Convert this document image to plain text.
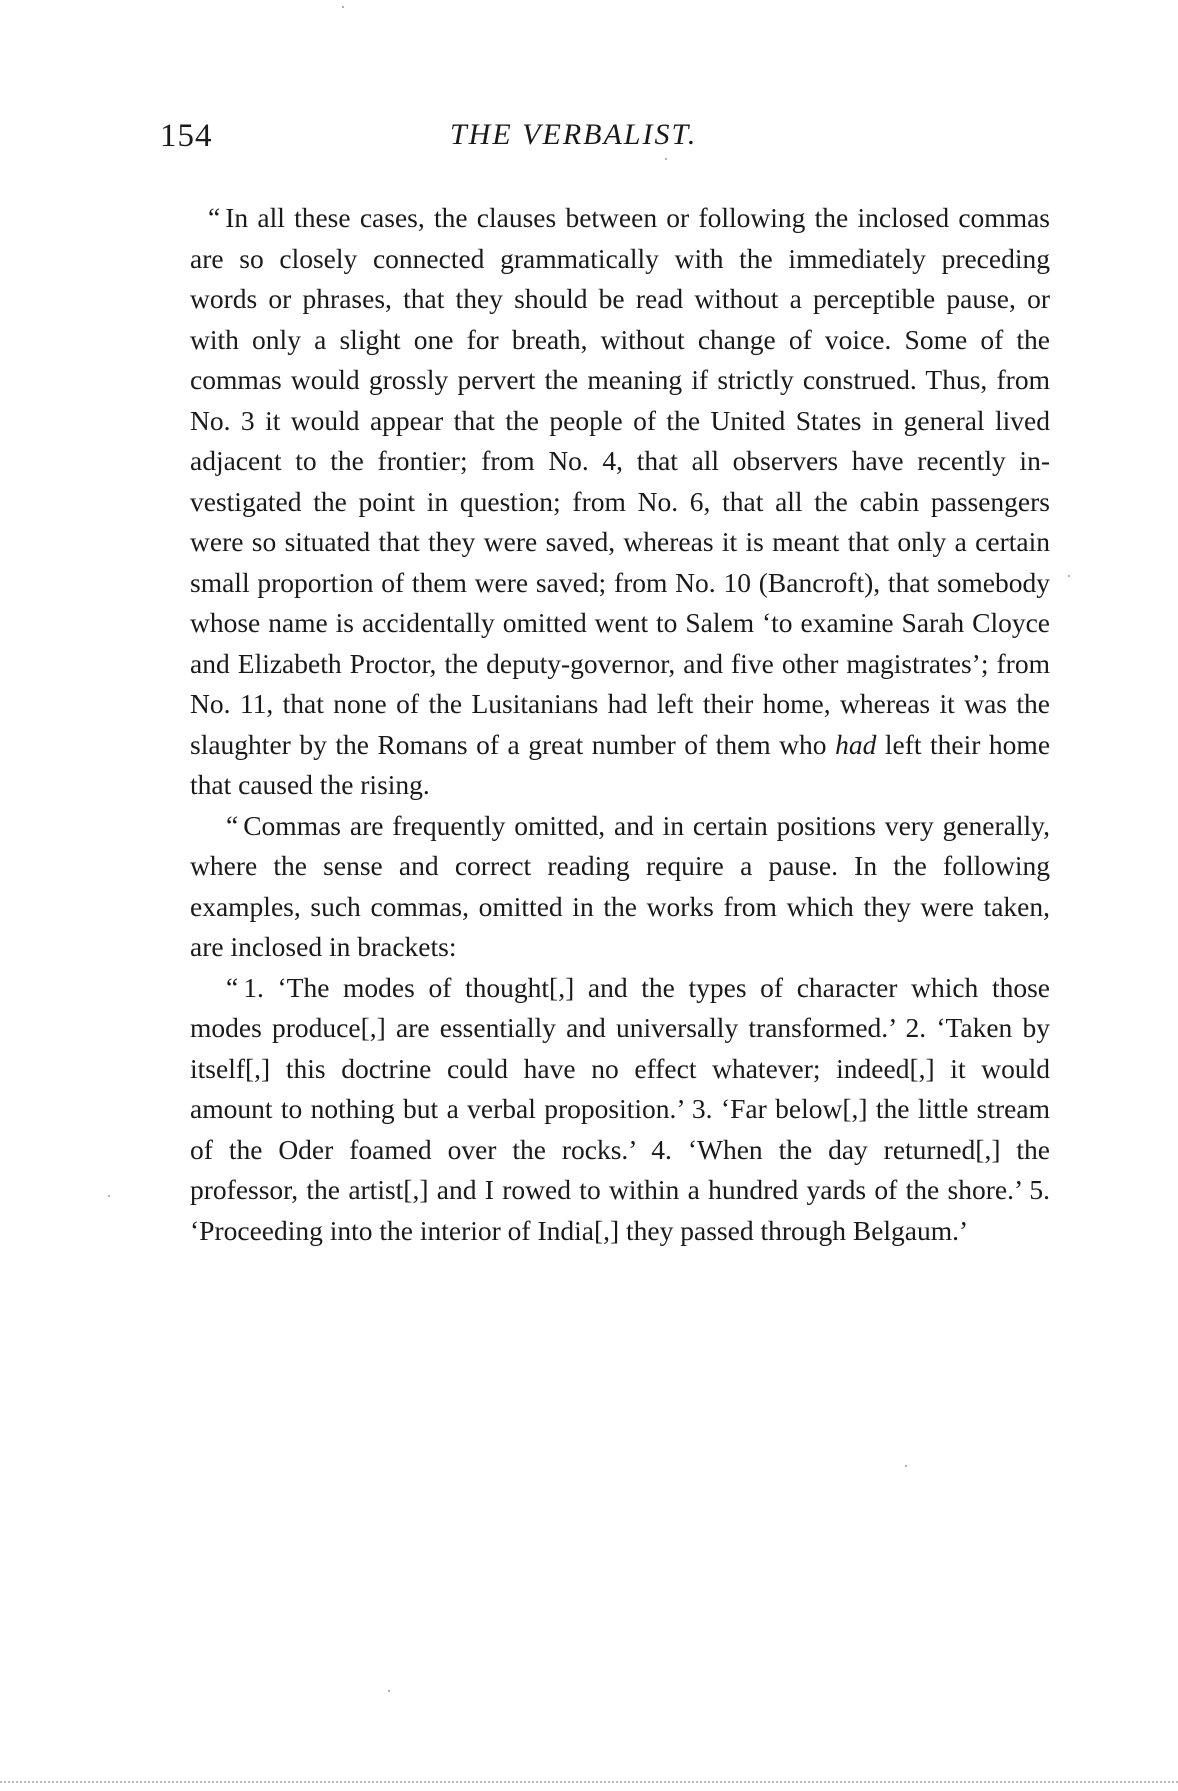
154	THE VERBALIST.

“ In all these cases, the clauses between or following the inclosed commas are so closely connected grammatically with the immediately preceding words or phrases, that they should be read without a perceptible pause, or with only a slight one for breath, without change of voice. Some of the commas would grossly pervert the meaning if strictly construed. Thus, from No. 3 it would appear that the people of the United States in general lived adjacent to the frontier; from No. 4, that all observers have recently investigated the point in question; from No. 6, that all the cabin passengers were so situated that they were saved, whereas it is meant that only a certain small proportion of them were saved; from No. 10 (Bancroft), that somebody whose name is accidentally omitted went to Salem ‘to examine Sarah Cloyce and Elizabeth Proctor, the deputy-governor, and five other magistrates’; from No. 11, that none of the Lusitanians had left their home, whereas it was the slaughter by the Romans of a great number of them who had left their home that caused the rising.

“ Commas are frequently omitted, and in certain positions very generally, where the sense and correct reading require a pause. In the following examples, such commas, omitted in the works from which they were taken, are inclosed in brackets:

“ 1. ‘The modes of thought[,] and the types of character which those modes produce[,] are essentially and universally transformed.’ 2. ‘Taken by itself[,] this doctrine could have no effect whatever; indeed[,] it would amount to nothing but a verbal proposition.’ 3. ‘Far below[,] the little stream of the Oder foamed over the rocks.’ 4. ‘When the day returned[,] the professor, the artist[,] and I rowed to within a hundred yards of the shore.’ 5. ‘Proceeding into the interior of India[,] they passed through Belgaum.’
